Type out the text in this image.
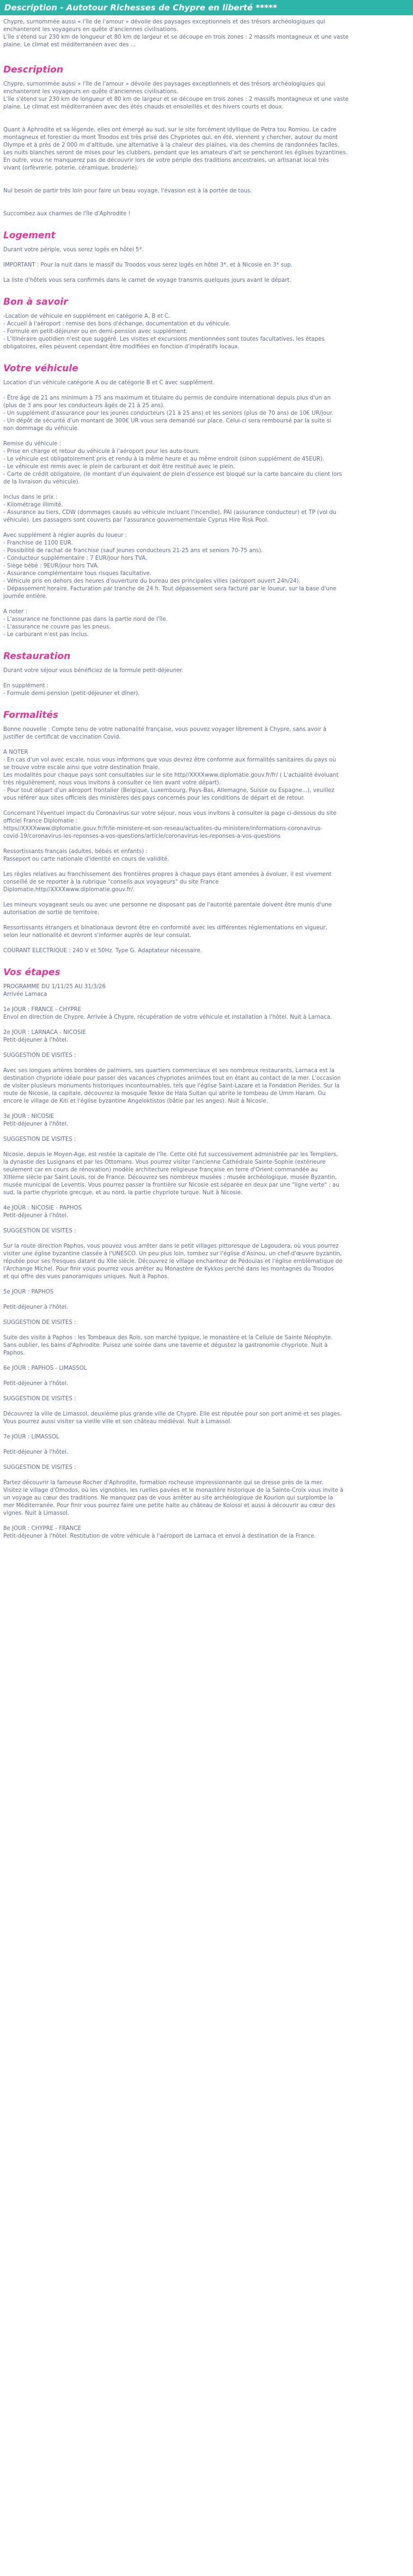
Description - Autotour Richesses de Chypre en liberté *****

Chypre, surnommée aussi « l'île de l'amour » dévoile des paysages exceptionnels et des trésors archéologiques qui
enchanteront les voyageurs en quête d'anciennes civilisations.
L'île s'étend sur 230 km de longueur et 80 km de largeur et se découpe en trois zones : 2 massifs montagneux et une vaste
plaine. Le climat est méditerranéen avec des ...

Description

Chypre, surnommée aussi « l'île de l'amour » dévoile des paysages exceptionnels et des trésors archéologiques qui
enchanteront les voyageurs en quête d'anciennes civilisations.
L'île s'étend sur 230 km de longueur et 80 km de largeur et se découpe en trois zones : 2 massifs montagneux et une vaste
plaine. Le climat est méditerranéen avec des étés chauds et ensoleillés et des hivers courts et doux.

Quant à Aphrodite et sa légende, elles ont émergé au sud, sur le site forcément idyllique de Petra tou Romiou. Le cadre
montagneux et forestier du mont Troodos est très prisé des Chypriotes qui, en été, viennent y chercher, autour du mont
Olympe et à près de 2 000 m d'altitude, une alternative à la chaleur des plaines, via des chemins de randonnées faciles.
Les nuits blanches seront de mises pour les clubbers, pendant que les amateurs d'art se pencheront les églises byzantines.
En outre, vous ne manquerez pas de découvrir lors de votre périple des traditions ancestrales, un artisanat local très
vivant (orfèvrerie, poterie, céramique, broderie).

Nul besoin de partir très loin pour faire un beau voyage, l'évasion est à la portée de tous.

Succombez aux charmes de l'île d'Aphrodite !

Logement

Durant votre périple, vous serez logés en hôtel 5*.

IMPORTANT : Pour la nuit dans le massif du Troodos vous serez logés en hôtel 3*, et à Nicosie en 3* sup.

La liste d'hôtels vous sera confirmés dans le carnet de voyage transmis quelques jours avant le départ.

Bon à savoir

-Location de véhicule en supplément en catégorie A, B et C.
- Accueil à l'aéroport : remise des bons d'échange, documentation et du véhicule.
- Formule en petit-déjeuner ou en demi-pension avec supplément.
- L'itinéraire quotidien n'est que suggéré. Les visites et excursions mentionnées sont toutes facultatives, les étapes
obligatoires, elles peuvent cependant être modifiées en fonction d'impératifs locaux.

Votre véhicule

Location d'un véhicule catégorie A ou de catégorie B et C avec supplément.

- Être âgé de 21 ans minimum à 75 ans maximum et titulaire du permis de conduire international depuis plus d'un an
(plus de 3 ans pour les conducteurs âgés de 21 à 25 ans).
- Un supplément d'assurance pour les jeunes conducteurs (21 à 25 ans) et les seniors (plus de 70 ans) de 10€ UR/jour.
- Un dépôt de sécurité d'un montant de 300€ UR vous sera demandé sur place. Celui-ci sera remboursé par la suite si
non dommage du véhicule.

Remise du véhicule :
- Prise en charge et retour du véhicule à l'aéroport pour les auto-tours.
- Le véhicule est obligatoirement pris et rendu à la même heure et au même endroit (sinon supplément de 45EUR).
- Le véhicule est remis avec le plein de carburant et doit être restitué avec le plein.
- Carte de crédit obligatoire, (le montant d'un équivalent de plein d'essence est bloqué sur la carte bancaire du client lors
de la livraison du véhicule).

Inclus dans le prix :
- Kilométrage illimité.
- Assurance au tiers, CDW (dommages causés au véhicule incluant l'incendie), PAI (assurance conducteur) et TP (vol du
véhicule). Les passagers sont couverts par l'assurance gouvernementale Cyprus Hire Risk Pool.

Avec supplément à régler auprès du loueur :
- Franchise de 1100 EUR.
- Possibilité de rachat de franchise (sauf jeunes conducteurs 21-25 ans et seniors 70-75 ans).
- Conducteur supplémentaire : 7 EUR/jour hors TVA.
- Siège bébé : 9EUR/jour hors TVA.
- Assurance complémentaire tous risques facultative.
- Véhicule pris en dehors des heures d'ouverture du bureau des principales villes (aéroport ouvert 24h/24).
- Dépassement horaire. Facturation par tranche de 24 h. Tout dépassement sera facturé par le loueur, sur la base d'une
journée entière.

A noter :
- L'assurance ne fonctionne pas dans la partie nord de l'île.
- L'assurance ne couvre pas les pneus.
- Le carburant n'est pas inclus.

Restauration

Durant votre séjour vous bénéficiez de la formule petit-déjeuner.

En supplément :
- Formule demi-pension (petit-déjeuner et dîner).

Formalités

Bonne nouvelle : Compte tenu de votre nationalité française, vous pouvez voyager librement à Chypre, sans avoir à
justifier de certificat de vaccination Covid.

A NOTER
- En cas d'un vol avec escale, nous vous informons que vous devrez être conforme aux formalités sanitaires du pays où
se trouve votre escale ainsi que votre destination finale.
Les modalités pour chaque pays sont consultables sur le site http//XXXXwww.diplomatie.gouv.fr/fr/ ( L'actualité évoluant
très régulièrement, nous vous invitons à consulter ce lien avant votre départ).
- Pour tout départ d'un aéroport frontalier (Belgique, Luxembourg, Pays-Bas, Allemagne, Suisse ou Espagne...), veuillez
vous référer aux sites officiels des ministères des pays concernés pour les conditions de départ et de retour.

Concernant l'éventuel impact du Coronavirus sur votre séjour, nous vous invitons à consulter la page ci-dessous du site
officiel France Diplomatie :
https//XXXXwww.diplomatie.gouv.fr/fr/le-ministere-et-son-reseau/actualites-du-ministere/informations-coronavirus-
covid-19/coronavirus-les-reponses-a-vos-questions/article/coronavirus-les-reponses-a-vos-questions

Ressortissants français (adultes, bébés et enfants) :
Passeport ou carte nationale d'identité en cours de validité.

Les règles relatives au franchissement des frontières propres à chaque pays étant amenées à évoluer, il est vivement
conseillé de se reporter à la rubrique "conseils aux voyageurs" du site France
Diplomatie,http//XXXXwww.diplomatie.gouv.fr/.

Les mineurs voyageant seuls ou avec une personne ne disposant pas de l'autorité parentale doivent être munis d'une
autorisation de sortie de territoire.

Ressortissants étrangers et binationaux devront être en conformité avec les différentes réglementations en vigueur,
selon leur nationalité et devront s'informer auprès de leur consulat.

COURANT ELECTRIQUE : 240 V et 50Hz. Type G. Adaptateur nécessaire.

Vos étapes

PROGRAMME DU 1/11/25 AU 31/3/26
Arrivée Larnaca

1e JOUR : FRANCE - CHYPRE

Envol en direction de Chypre. Arrivée à Chypre, récupération de votre véhicule et installation à l'hôtel. Nuit à Larnaca.

2e JOUR : LARNACA - NICOSIE

Petit-déjeuner à l'hôtel.

SUGGESTION DE VISITES :

Avec ses longues artères bordées de palmiers, ses quartiers commerciaux et ses nombreux restaurants, Larnaca est la
destination chypriote idéale pour passer des vacances chypriotes animées tout en étant au contact de la mer. L'occasion
de visiter plusieurs monuments historiques incontournables, tels que l'église Saint-Lazare et la Fondation Pierides. Sur la
route de Nicosie, la capitale, découvrez la mosquée Tekke de Hala Sultan qui abrite le tombeau de Umm Haram. Ou
encore le village de Kiti et l'église byzantine Angeloktistos (bâtie par les anges). Nuit à Nicosie.

3e JOUR : NICOSIE

Petit-déjeuner à l'hôtel.

SUGGESTION DE VISITES :

Nicosie, depuis le Moyen-Age, est restée la capitale de l'île. Cette cité fut successivement administrée par les Templiers,
la dynastie des Lusignans et par les Ottomans. Vous pourrez visiter l'ancienne Cathédrale Sainte-Sophie (extérieure
seulement car en cours de rénovation) modèle architecture religieuse française en terre d'Orient commandée au
XIIIème siècle par Saint Louis, roi de France. Découvrez ses nombreux musées : musée archéologique, musée Byzantin,
musée municipal de Leventis. Vous pourrez passer la frontière sur Nicosie est séparée en deux par une "ligne verte" : au
sud, la partie chypriote grecque, et au nord, la partie chypriote turque. Nuit à Nicosie.

4e JOUR : NICOSIE - PAPHOS

Petit-déjeuner à l'hôtel.

SUGGESTION DE VISITES :

Sur la route direction Paphos, vous pouvez vous arrêter dans le petit villages pittoresque de Lagoudera, où vous pourrez
visiter une église byzantine classée à l'UNESCO. Un peu plus loin, tombez sur l'église d'Asinou, un chef-d'œuvre byzantin,
réputée pour ses fresques datant du XIIe siècle. Découvrez le village enchanteur de Pédoulas et l'église emblématique de
l'Archange Michel. Pour finir vous pourrez vous arrêter au Monastère de Kykkos perché dans les montagnes du Troodos
et qui offre des vues panoramiques uniques. Nuit à Paphos.

5e JOUR : PAPHOS

Petit-déjeuner à l'hôtel.

SUGGESTION DE VISITES :

Suite des visite à Paphos : les Tombeaux des Rois, son marché typique, le monastère et la Cellule de Sainte Néophyte.
Sans oublier, les bains d'Aphrodite. Puisez une soirée dans une taverne et dégustez la gastronomie chypriote. Nuit à
Paphos.

6e JOUR : PAPHOS - LIMASSOL

Petit-déjeuner à l'hôtel.

SUGGESTION DE VISITES :

Découvrez la ville de Limassol, deuxième plus grande ville de Chypre. Elle est réputée pour son port animé et ses plages.
Vous pourrez aussi visiter sa vieille ville et son château médiéval. Nuit à Limassol.

7e JOUR : LIMASSOL

Petit-déjeuner à l'hôtel.

SUGGESTION DE VISITES :

Partez découvrir la fameuse Rocher d'Aphrodite, formation rocheuse impressionnante qui se dresse près de la mer.
Visitez le village d'Omodos, où les vignobles, les ruelles pavées et le monastère historique de la Sainte-Croix vous invite à
un voyage au cœur des traditions. Ne manquez pas de vous arrêter au site archéologique de Kourion qui surplombe la
mer Méditerranée. Pour finir vous pourrez faire une petite halte au château de Kolossi et aussi à découvrir au cœur des
vignes. Nuit à Limassol.

8e JOUR : CHYPRE - FRANCE

Petit-déjeuner à l'hôtel. Restitution de votre véhicule à l'aéroport de Larnaca et envol à destination de la France.
